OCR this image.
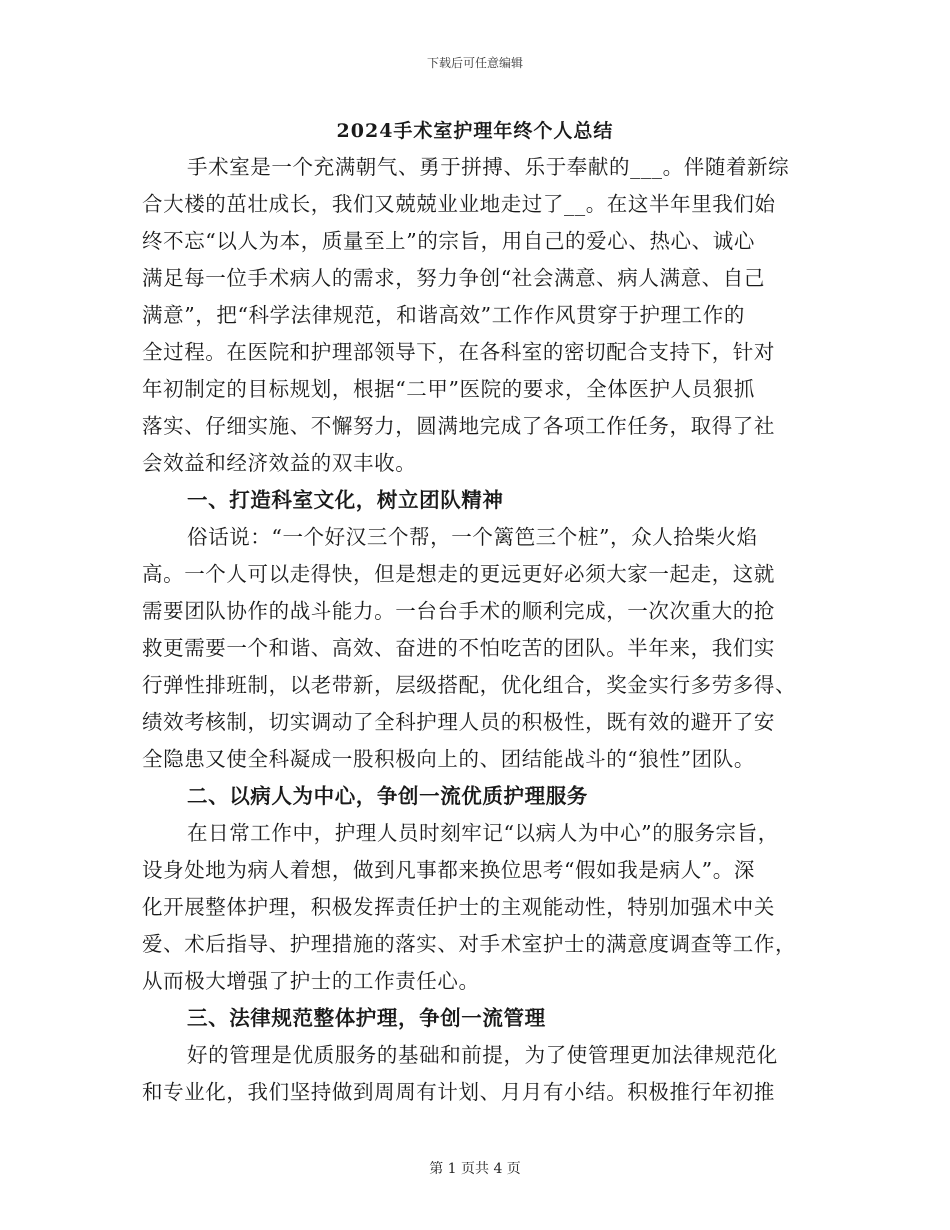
下载后可任意编辑
2024手术室护理年终个人总结
手术室是一个充满朝气、勇于拼搏、乐于奉献的___。伴随着新综
合大楼的茁壮成长，我们又兢兢业业地走过了__。在这半年里我们始
终不忘“以人为本，质量至上”的宗旨，用自己的爱心、热心、诚心
满足每一位手术病人的需求，努力争创“社会满意、病人满意、自己
满意”，把“科学法律规范，和谐高效”工作作风贯穿于护理工作的
全过程。在医院和护理部领导下，在各科室的密切配合支持下，针对
年初制定的目标规划，根据“二甲”医院的要求，全体医护人员狠抓
落实、仔细实施、不懈努力，圆满地完成了各项工作任务，取得了社
会效益和经济效益的双丰收。
一、打造科室文化，树立团队精神
俗话说：“一个好汉三个帮，一个篱笆三个桩”，众人拾柴火焰
高。一个人可以走得快，但是想走的更远更好必须大家一起走，这就
需要团队协作的战斗能力。一台台手术的顺利完成，一次次重大的抢
救更需要一个和谐、高效、奋进的不怕吃苦的团队。半年来，我们实
行弹性排班制，以老带新，层级搭配，优化组合，奖金实行多劳多得、
绩效考核制，切实调动了全科护理人员的积极性，既有效的避开了安
全隐患又使全科凝成一股积极向上的、团结能战斗的“狼性”团队。
二、以病人为中心，争创一流优质护理服务
在日常工作中，护理人员时刻牢记“以病人为中心”的服务宗旨，
设身处地为病人着想，做到凡事都来换位思考“假如我是病人”。深
化开展整体护理，积极发挥责任护士的主观能动性，特别加强术中关
爱、术后指导、护理措施的落实、对手术室护士的满意度调查等工作，
从而极大增强了护士的工作责任心。
三、法律规范整体护理，争创一流管理
好的管理是优质服务的基础和前提，为了使管理更加法律规范化
和专业化，我们坚持做到周周有计划、月月有小结。积极推行年初推
第 1 页共 4 页
